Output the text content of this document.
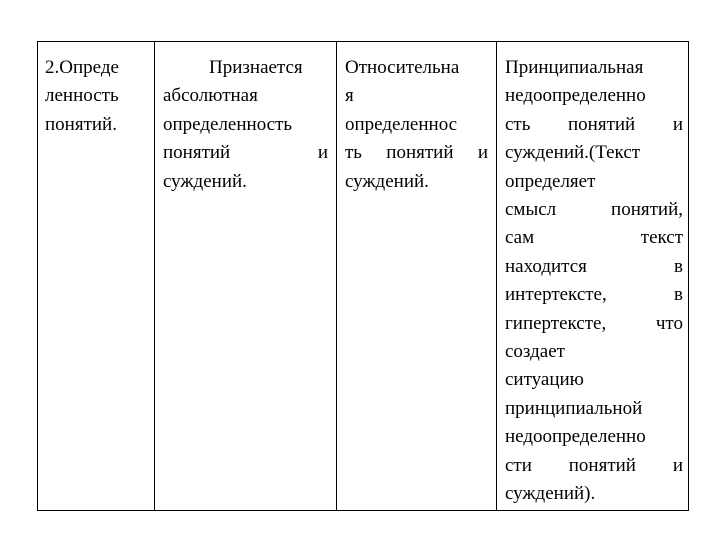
2.Опреде
ленность
понятий.
Признается
абсолютная
определенность
понятий и
суждений.
Относительна
я
определеннос
ть понятий и
суждений.
Принципиальная
недоопределенно
сть понятий и
суждений.(Текст
определяет
смысл понятий,
сам текст
находится в
интертексте, в
гипертексте, что
создает
ситуацию
принципиальной
недоопределенно
сти понятий и
суждений).
